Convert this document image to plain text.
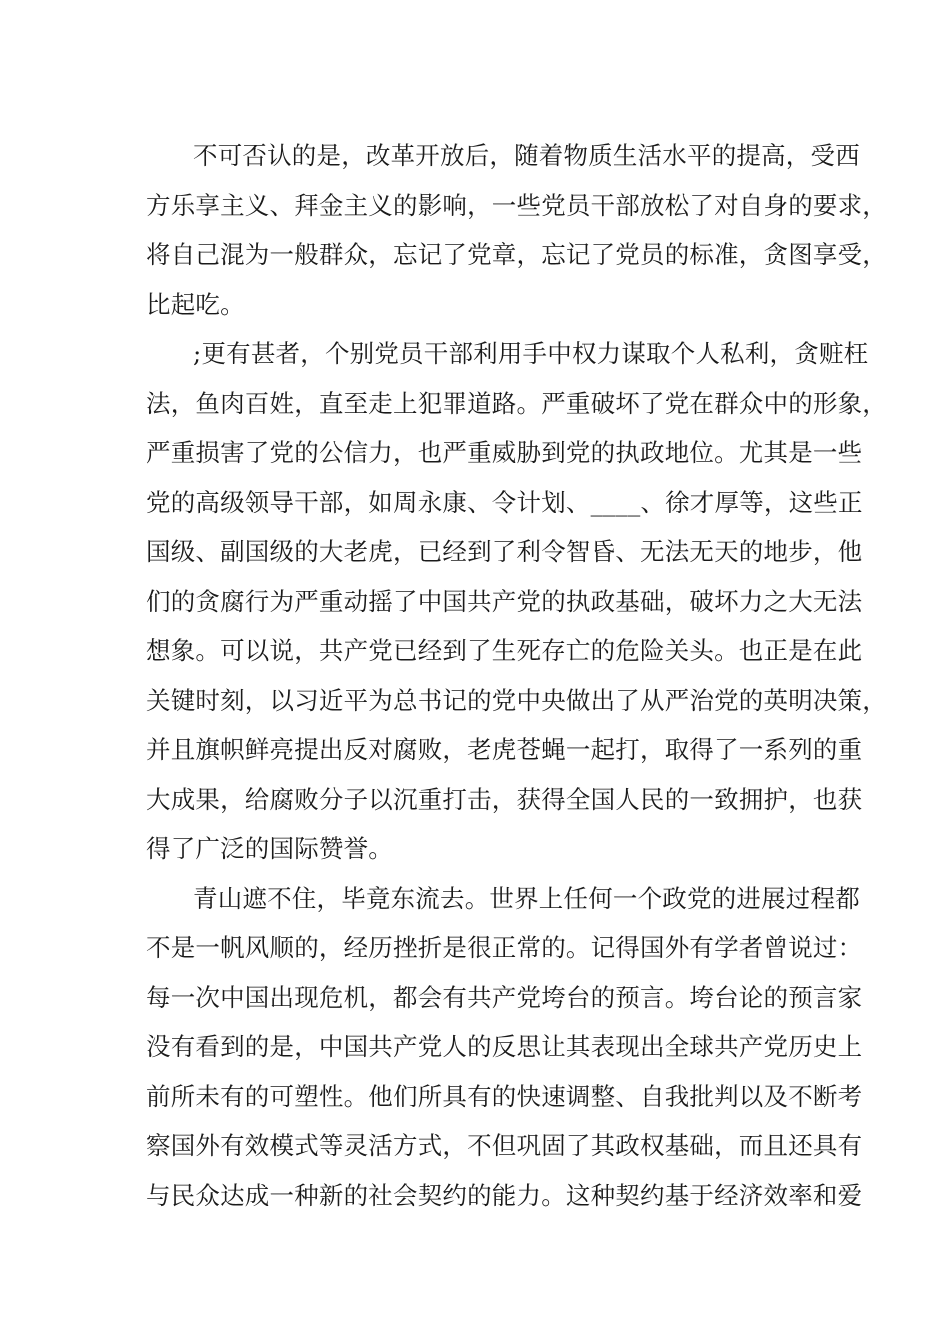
不可否认的是，改革开放后，随着物质生活水平的提高，受西
方乐享主义、拜金主义的影响，一些党员干部放松了对自身的要求，
将自己混为一般群众，忘记了党章，忘记了党员的标准，贪图享受，
比起吃。
;更有甚者，个别党员干部利用手中权力谋取个人私利，贪赃枉
法，鱼肉百姓，直至走上犯罪道路。严重破坏了党在群众中的形象，
严重损害了党的公信力，也严重威胁到党的执政地位。尤其是一些
党的高级领导干部，如周永康、令计划、____、徐才厚等，这些正
国级、副国级的大老虎，已经到了利令智昏、无法无天的地步，他
们的贪腐行为严重动摇了中国共产党的执政基础，破坏力之大无法
想象。可以说，共产党已经到了生死存亡的危险关头。也正是在此
关键时刻，以习近平为总书记的党中央做出了从严治党的英明决策，
并且旗帜鲜亮提出反对腐败，老虎苍蝇一起打，取得了一系列的重
大成果，给腐败分子以沉重打击，获得全国人民的一致拥护，也获
得了广泛的国际赞誉。
青山遮不住，毕竟东流去。世界上任何一个政党的进展过程都
不是一帆风顺的，经历挫折是很正常的。记得国外有学者曾说过：
每一次中国出现危机，都会有共产党垮台的预言。垮台论的预言家
没有看到的是，中国共产党人的反思让其表现出全球共产党历史上
前所未有的可塑性。他们所具有的快速调整、自我批判以及不断考
察国外有效模式等灵活方式，不但巩固了其政权基础，而且还具有
与民众达成一种新的社会契约的能力。这种契约基于经济效率和爱
